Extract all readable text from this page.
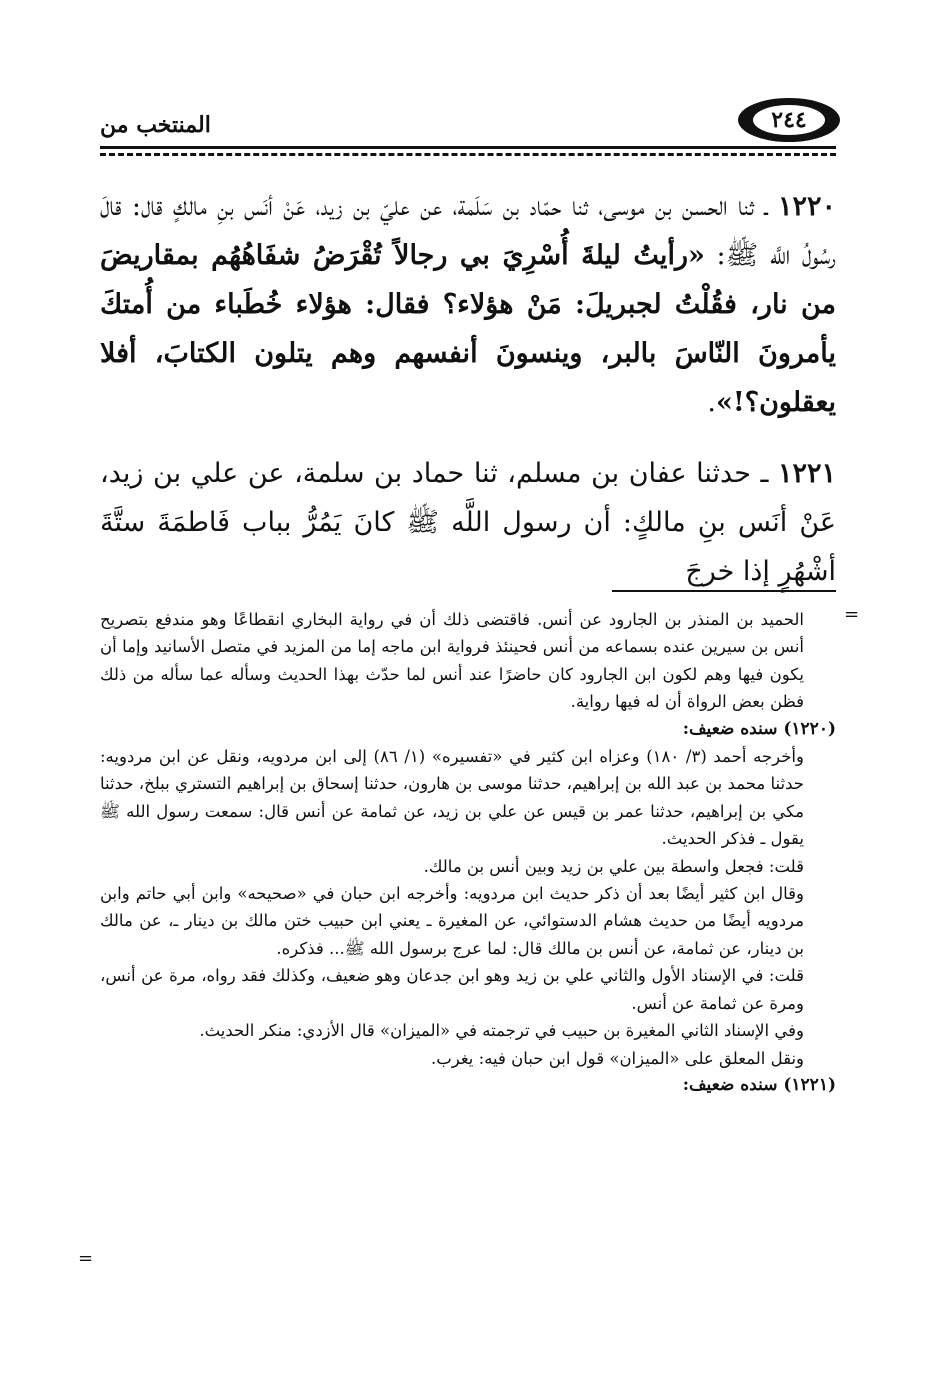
٢٤٤
المنتخب من

١٢٢٠ ـ ثنا الحسن بن موسى، ثنا حمّاد بن سَلَمة، عن عليّ بن زيد، عَنْ أنَس بنِ مالكٍ قال: قالَ رسُولُ اللَّه ﷺ: «رأيتُ ليلةَ أُسْرِيَ بي رجالاً تُقْرَضُ شفَاهُهُم بمقاريضَ من نار، فقُلْتُ لجبريلَ: مَنْ هؤلاء؟ فقال: هؤلاء خُطَباء من أُمتكَ يأمرونَ النّاسَ بالبر، وينسونَ أنفسهم وهم يتلون الكتابَ، أفلا يعقلون؟!».

١٢٢١ ـ حدثنا عفان بن مسلم، ثنا حماد بن سلمة، عن علي بن زيد، عَنْ أنَس بنِ مالكٍ: أن رسول اللَّه ﷺ كانَ يَمُرُّ بباب فَاطمَةَ ستَّةَ أشْهُرٍ إذا خرجَ

=

الحميد بن المنذر بن الجارود عن أنس. فاقتضى ذلك أن في رواية البخاري انقطاعًا وهو مندفع بتصريح أنس بن سيرين عنده بسماعه من أنس فحينئذ فرواية ابن ماجه إما من المزيد في متصل الأسانيد وإما أن يكون فيها وهم لكون ابن الجارود كان حاضرًا عند أنس لما حدّث بهذا الحديث وسأله عما سأله من ذلك فظن بعض الرواة أن له فيها رواية.

(١٢٢٠) سنده ضعيف:

وأخرجه أحمد (٣/ ١٨٠) وعزاه ابن كثير في «تفسيره» (١/ ٨٦) إلى ابن مردويه، ونقل عن ابن مردويه: حدثنا محمد بن عبد الله بن إبراهيم، حدثنا موسى بن هارون، حدثنا إسحاق بن إبراهيم التستري ببلخ، حدثنا مكي بن إبراهيم، حدثنا عمر بن قيس عن علي بن زيد، عن ثمامة عن أنس قال: سمعت رسول الله ﷺ يقول ـ فذكر الحديث.

قلت: فجعل واسطة بين علي بن زيد وبين أنس بن مالك.

وقال ابن كثير أيضًا بعد أن ذكر حديث ابن مردويه: وأخرجه ابن حبان في «صحيحه» وابن أبي حاتم وابن مردويه أيضًا من حديث هشام الدستوائي، عن المغيرة ـ يعني ابن حبيب ختن مالك بن دينار ـ، عن مالك بن دينار، عن ثمامة، عن أنس بن مالك قال: لما عرج برسول الله ﷺ... فذكره.

قلت: في الإسناد الأول والثاني علي بن زيد وهو ابن جدعان وهو ضعيف، وكذلك فقد رواه، مرة عن أنس، ومرة عن ثمامة عن أنس.

وفي الإسناد الثاني المغيرة بن حبيب في ترجمته في «الميزان» قال الأزدي: منكر الحديث.

ونقل المعلق على «الميزان» قول ابن حبان فيه: يغرب.

(١٢٢١) سنده ضعيف:

=
